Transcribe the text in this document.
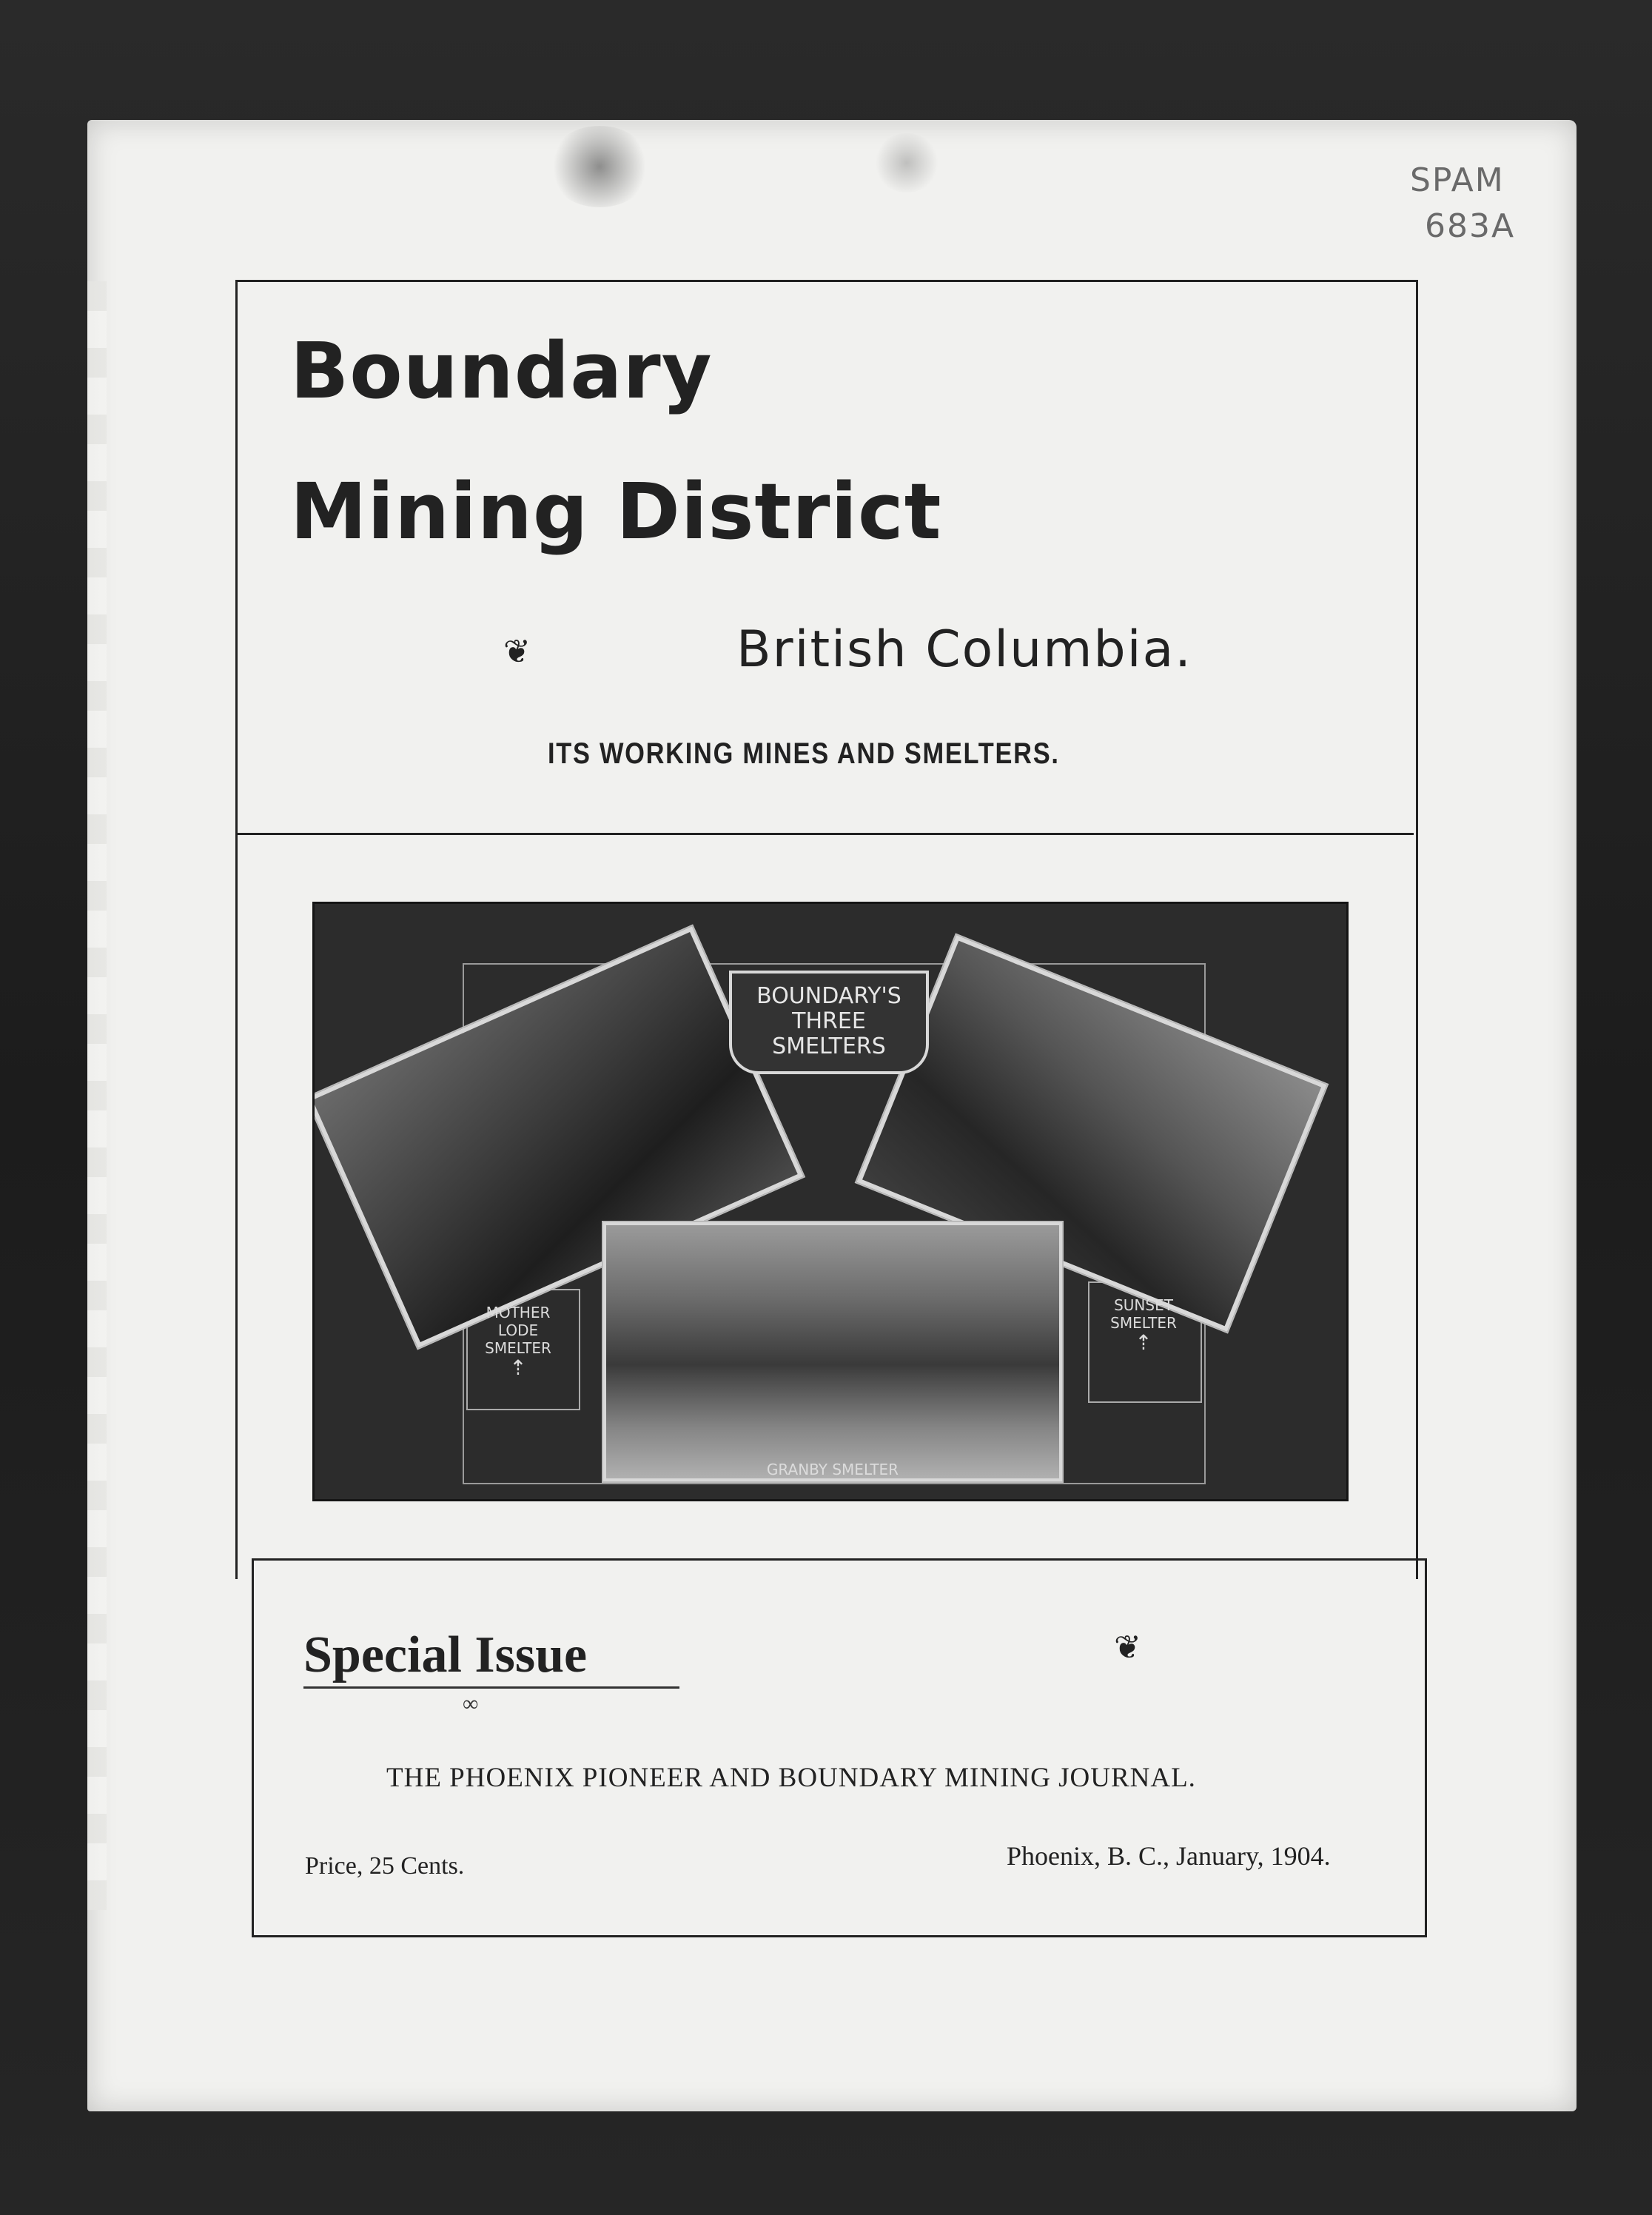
SPAM
683A
Boundary
Mining District
❦	British Columbia.
ITS WORKING MINES AND SMELTERS.
BOUNDARY'S
THREE
SMELTERS
MOTHER LODE
SMELTER
⇡
SUNSET
SMELTER
⇡
GRANBY SMELTER
Special Issue
∞
❦
THE PHOENIX PIONEER AND BOUNDARY MINING JOURNAL.
Price, 25 Cents.	Phoenix, B. C., January, 1904.
